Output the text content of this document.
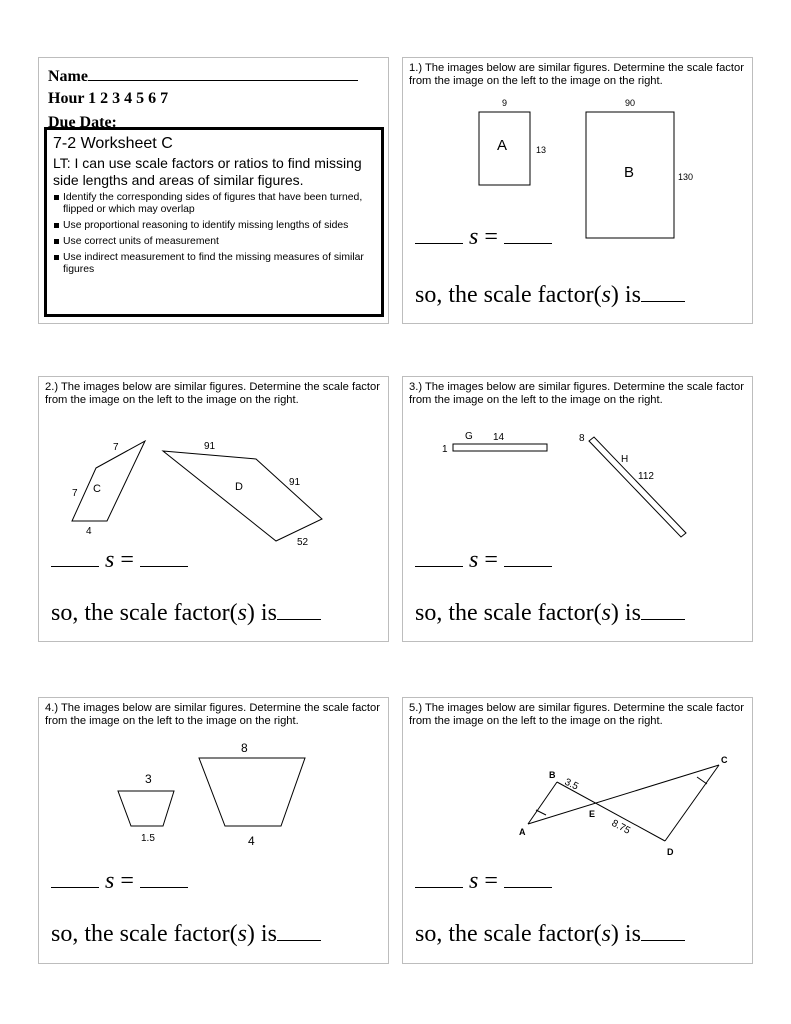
Name
Hour 1 2 3 4 5 6 7
Due Date:
7-2 Worksheet C
LT: I can use scale factors or ratios to find missing side lengths and areas of similar figures.
Identify the corresponding sides of figures that have been turned, flipped or which may overlap
Use proportional reasoning to identify missing lengths of sides
Use correct units of measurement
Use indirect measurement to find the missing measures of similar figures
1.) The images below are similar figures. Determine the scale factor from the image on the left to the image on the right.
9
13
A
90
130
B
s =
so, the scale factor(s) is
2.) The images below are similar figures. Determine the scale factor from the image on the left to the image on the right.
7
7
4
C
91
91
52
D
s =
so, the scale factor(s) is
3.) The images below are similar figures. Determine the scale factor from the image on the left to the image on the right.
G 14
1
8
H
112
s =
so, the scale factor(s) is
4.) The images below are similar figures. Determine the scale factor from the image on the left to the image on the right.
3
1.5
8
4
s =
so, the scale factor(s) is
5.) The images below are similar figures. Determine the scale factor from the image on the left to the image on the right.
B
A
C
D
E
3.5
8.75
s =
so, the scale factor(s) is
